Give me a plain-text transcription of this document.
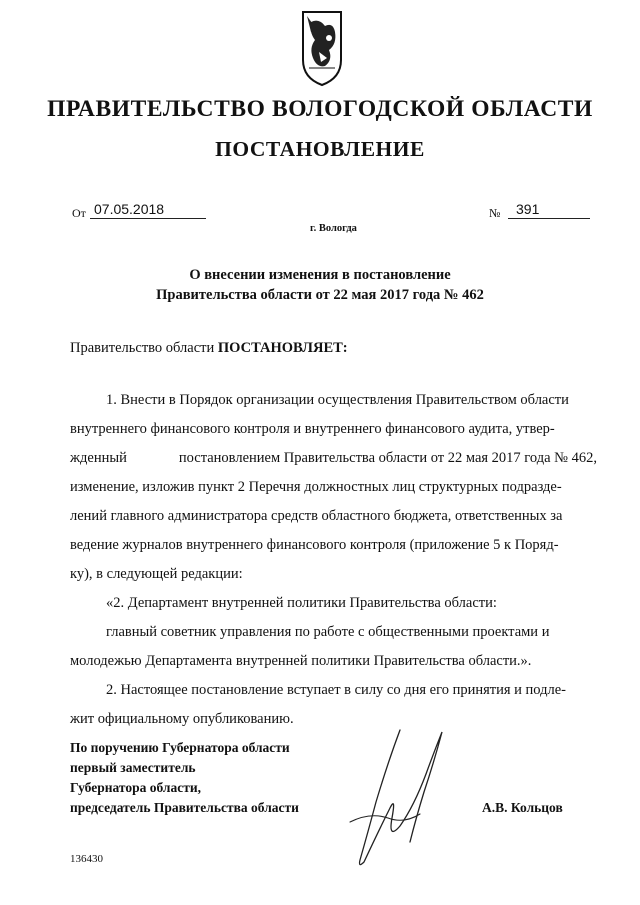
ПРАВИТЕЛЬСТВО ВОЛОГОДСКОЙ ОБЛАСТИ
ПОСТАНОВЛЕНИЕ
От 07.05.2018
г. Вологда
№ 391
О внесении изменения в постановление
Правительства области от 22 мая 2017 года № 462
Правительство области ПОСТАНОВЛЯЕТ:
1. Внести в Порядок организации осуществления Правительством области
внутреннего финансового контроля и внутреннего финансового аудита, утвер-
жденный	постановлением Правительства области от 22 мая 2017 года № 462,
изменение, изложив пункт 2 Перечня должностных лиц структурных подразде-
лений главного администратора средств областного бюджета, ответственных за
ведение журналов внутреннего финансового контроля (приложение 5 к Поряд-
ку), в следующей редакции:
«2. Департамент внутренней политики Правительства области:
главный советник управления по работе с общественными проектами и
молодежью Департамента внутренней политики Правительства области.».
2. Настоящее постановление вступает в силу со дня его принятия и подле-
жит официальному опубликованию.
По поручению Губернатора области
первый заместитель
Губернатора области,
председатель Правительства области	А.В. Кольцов
136430
